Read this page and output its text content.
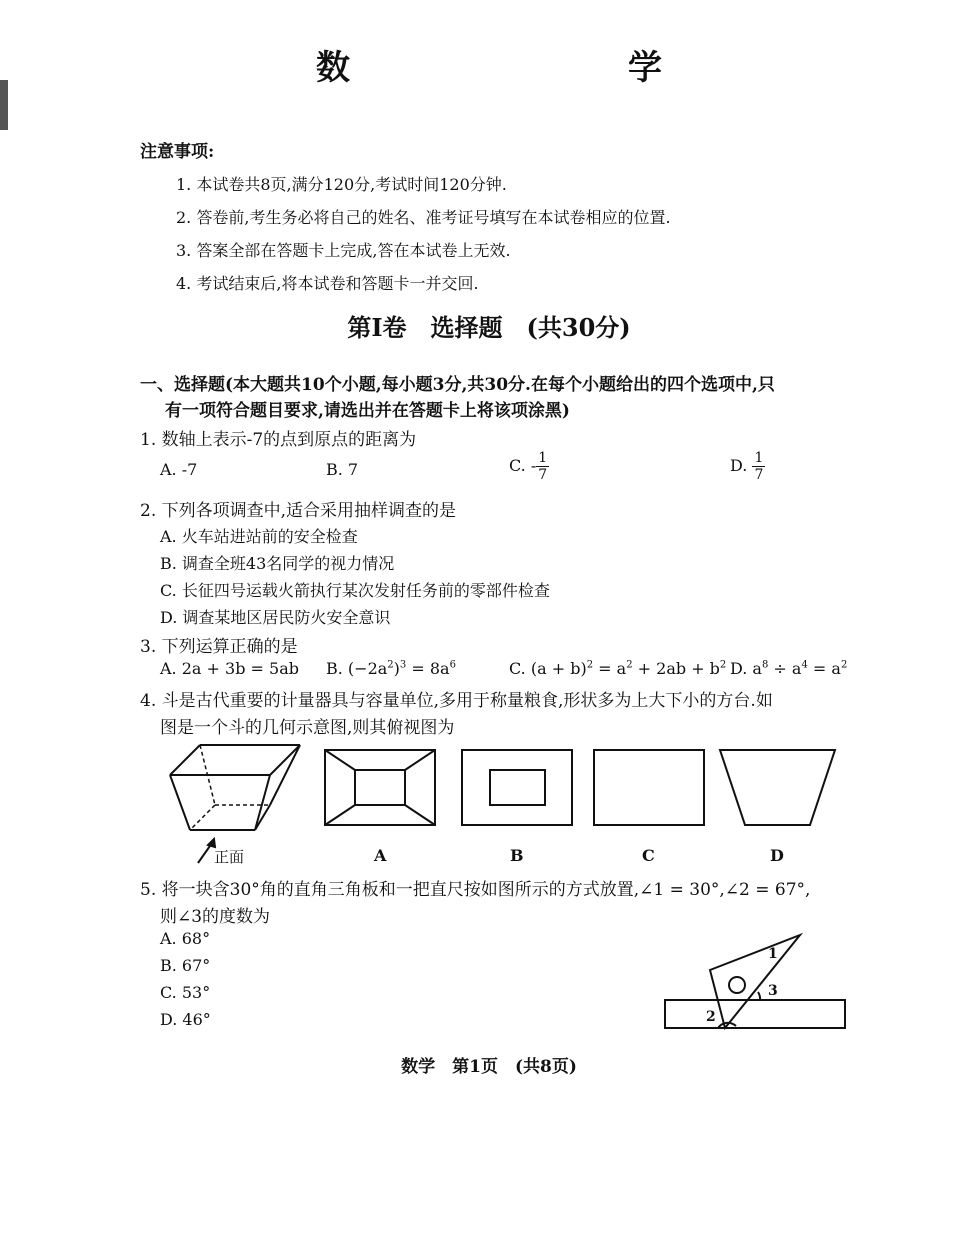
数　　学
注意事项:
1. 本试卷共8页,满分120分,考试时间120分钟.
2. 答卷前,考生务必将自己的姓名、准考证号填写在本试卷相应的位置.
3. 答案全部在答题卡上完成,答在本试卷上无效.
4. 考试结束后,将本试卷和答题卡一并交回.
第Ⅰ卷　选择题　(共30分)
一、选择题(本大题共10个小题,每小题3分,共30分.在每个小题给出的四个选项中,只
有一项符合题目要求,请选出并在答题卡上将该项涂黑)
1. 数轴上表示-7的点到原点的距离为
A. -7	B. 7	C. - $\frac{1}{7}$	D. $\frac{1}{7}$
2. 下列各项调查中,适合采用抽样调查的是
A. 火车站进站前的安全检查
B. 调查全班43名同学的视力情况
C. 长征四号运载火箭执行某次发射任务前的零部件检查
D. 调查某地区居民防火安全意识
3. 下列运算正确的是
A. 2a + 3b = 5ab B. $(-2a^2)^3 = 8a^6$	C. $(a + b)^2 = a^2 + 2ab + b^2$ D. $a^8 \div a^4 = a^2$
4. 斗是古代重要的计量器具与容量单位,多用于称量粮食,形状多为上大下小的方台.如
图是一个斗的几何示意图,则其俯视图为
正面	A	B	C	D
5. 将一块含30°角的直角三角板和一把直尺按如图所示的方式放置,∠1 = 30°,∠2 = 67°,
则∠3的度数为
A. 68°
B. 67°
C. 53°
D. 46°
1
2
3
数学　第1页　(共8页)
